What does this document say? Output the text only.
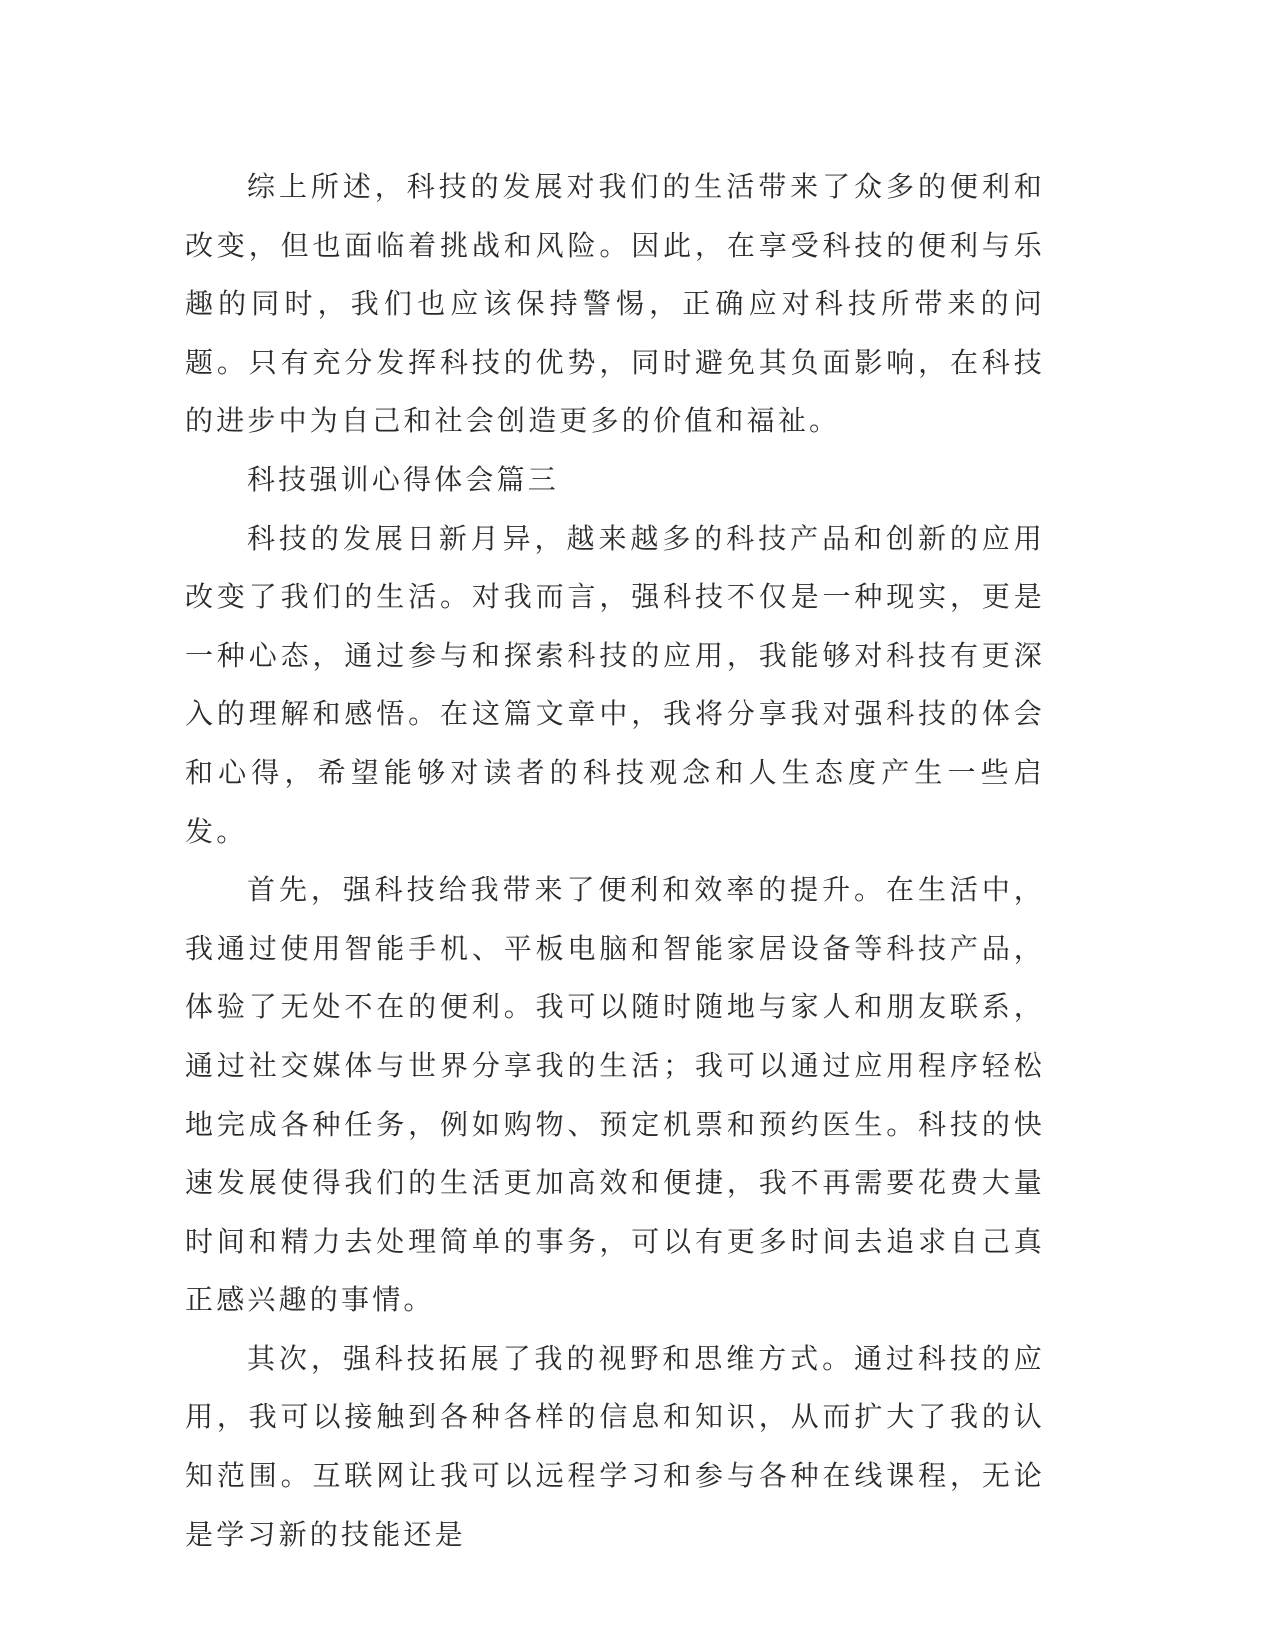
综上所述，科技的发展对我们的生活带来了众多的便利和改变，但也面临着挑战和风险。因此，在享受科技的便利与乐趣的同时，我们也应该保持警惕，正确应对科技所带来的问题。只有充分发挥科技的优势，同时避免其负面影响，在科技的进步中为自己和社会创造更多的价值和福祉。

科技强训心得体会篇三

科技的发展日新月异，越来越多的科技产品和创新的应用改变了我们的生活。对我而言，强科技不仅是一种现实，更是一种心态，通过参与和探索科技的应用，我能够对科技有更深入的理解和感悟。在这篇文章中，我将分享我对强科技的体会和心得，希望能够对读者的科技观念和人生态度产生一些启发。

首先，强科技给我带来了便利和效率的提升。在生活中，我通过使用智能手机、平板电脑和智能家居设备等科技产品，体验了无处不在的便利。我可以随时随地与家人和朋友联系，通过社交媒体与世界分享我的生活；我可以通过应用程序轻松地完成各种任务，例如购物、预定机票和预约医生。科技的快速发展使得我们的生活更加高效和便捷，我不再需要花费大量时间和精力去处理简单的事务，可以有更多时间去追求自己真正感兴趣的事情。

其次，强科技拓展了我的视野和思维方式。通过科技的应用，我可以接触到各种各样的信息和知识，从而扩大了我的认知范围。互联网让我可以远程学习和参与各种在线课程，无论是学习新的技能还是
